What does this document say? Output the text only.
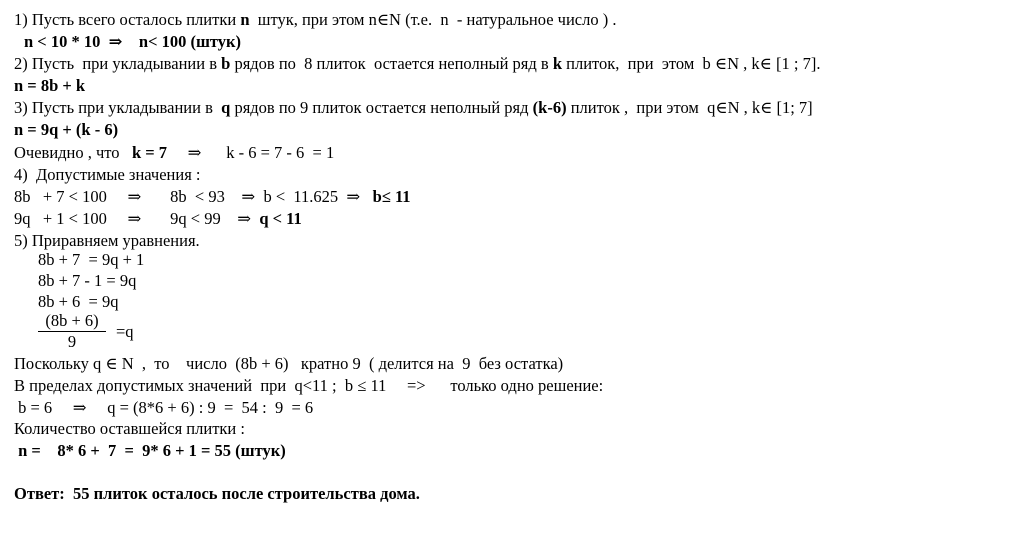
1) Пусть всего осталось плитки n  штук, при этом n∈N (т.е.  n  - натуральное число ) .
n < 10 * 10  ⇒    n< 100 (штук)
2) Пусть  при укладывании в b рядов по  8 плиток  остается неполный ряд в k плиток,  при  этом  b ∈N , k∈ [1 ; 7].
n = 8b + k
3) Пусть при укладывании в  q рядов по 9 плиток остается неполный ряд (k-6) плиток ,  при этом  q∈N , k∈ [1; 7]
n = 9q + (k - 6)
Очевидно , что   k = 7     ⇒      k - 6 = 7 - 6  = 1
4)  Допустимые значения :
8b   + 7 < 100     ⇒       8b  < 93    ⇒  b <  11.625  ⇒   b≤ 11
9q   + 1 < 100     ⇒       9q < 99    ⇒  q < 11
5) Приравняем уравнения.
8b + 7  = 9q + 1
8b + 7 - 1 = 9q
8b + 6  = 9q

$\frac{(8b + 6)}{9}$

=q
Поскольку q ∈ N  ,  то    число  (8b + 6)   кратно 9  ( делится на  9  без остатка)
В пределах допустимых значений  при  q<11 ;  b ≤ 11     =>      только одно решение:
b = 6     ⇒     q = (8*6 + 6) : 9  =  54 :  9  = 6
Количество оставшейся плитки :
n =    8* 6 +  7  =  9* 6 + 1 = 55 (штук)
Ответ:  55 плиток осталось после строительства дома.
